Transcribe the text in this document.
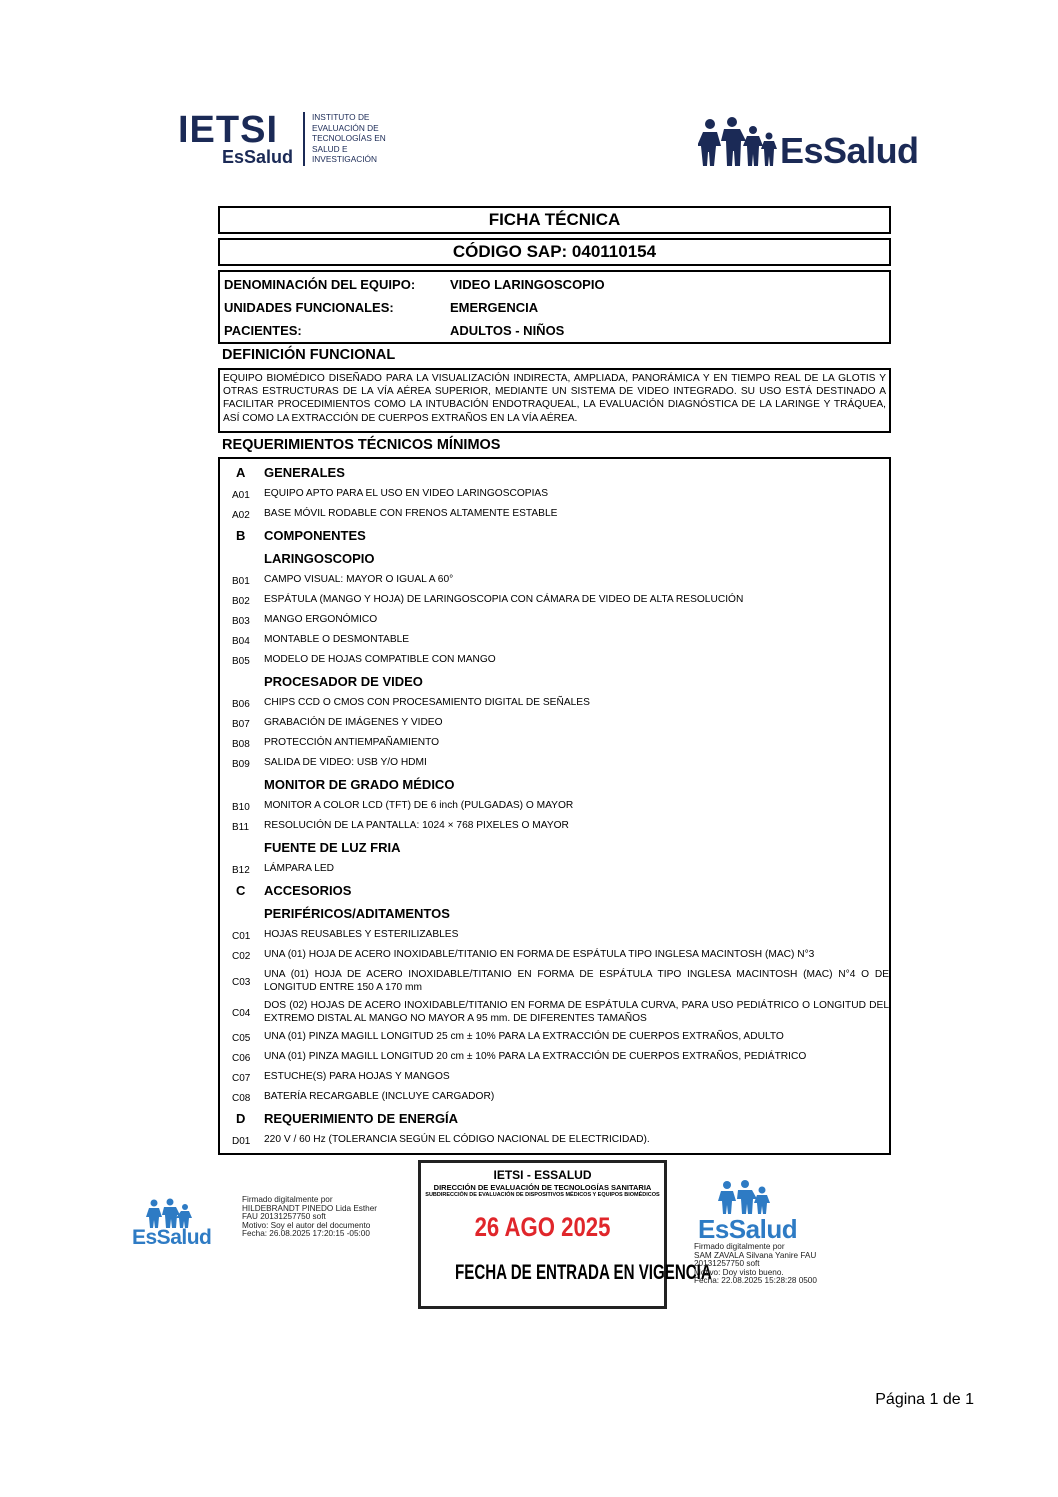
IETSI
EsSalud
INSTITUTO DE
EVALUACIÓN DE
TECNOLOGÍAS EN
SALUD E
INVESTIGACIÓN	EsSalud
FICHA TÉCNICA
CÓDIGO SAP: 040110154
DENOMINACIÓN DEL EQUIPO:	VIDEO LARINGOSCOPIO
UNIDADES FUNCIONALES:	EMERGENCIA
PACIENTES:	ADULTOS - NIÑOS
DEFINICIÓN FUNCIONAL
EQUIPO BIOMÉDICO DISEÑADO PARA LA VISUALIZACIÓN INDIRECTA, AMPLIADA, PANORÁMICA Y EN TIEMPO REAL DE LA GLOTIS Y OTRAS ESTRUCTURAS DE LA VÍA AÉREA SUPERIOR, MEDIANTE UN SISTEMA DE VIDEO INTEGRADO. SU USO ESTÁ DESTINADO A FACILITAR PROCEDIMIENTOS COMO LA INTUBACIÓN ENDOTRAQUEAL, LA EVALUACIÓN DIAGNÓSTICA DE LA LARINGE Y TRÁQUEA, ASÍ COMO LA EXTRACCIÓN DE CUERPOS EXTRAÑOS EN LA VÍA AÉREA.
REQUERIMIENTOS TÉCNICOS MÍNIMOS
A GENERALES
A01	EQUIPO APTO PARA EL USO EN VIDEO LARINGOSCOPIAS
A02	BASE MÓVIL RODABLE CON FRENOS ALTAMENTE ESTABLE
B COMPONENTES
LARINGOSCOPIO
B01	CAMPO VISUAL: MAYOR O IGUAL A 60°
B02	ESPÁTULA (MANGO Y HOJA) DE LARINGOSCOPIA CON CÁMARA DE VIDEO DE ALTA RESOLUCIÓN
B03	MANGO ERGONÓMICO
B04	MONTABLE O DESMONTABLE
B05	MODELO DE HOJAS COMPATIBLE CON MANGO
PROCESADOR DE VIDEO
B06	CHIPS CCD O CMOS CON PROCESAMIENTO DIGITAL DE SEÑALES
B07	GRABACIÓN DE IMÁGENES Y VIDEO
B08	PROTECCIÓN ANTIEMPAÑAMIENTO
B09	SALIDA DE VIDEO: USB Y/O HDMI
MONITOR DE GRADO MÉDICO
B10	MONITOR A COLOR LCD (TFT) DE 6 inch (PULGADAS) O MAYOR
B11	RESOLUCIÓN DE LA PANTALLA: 1024 × 768 PIXELES O MAYOR
FUENTE DE LUZ FRIA
B12	LÁMPARA LED
C ACCESORIOS
PERIFÉRICOS/ADITAMENTOS
C01	HOJAS REUSABLES Y ESTERILIZABLES
C02	UNA (01) HOJA DE ACERO INOXIDABLE/TITANIO EN FORMA DE ESPÁTULA TIPO INGLESA MACINTOSH (MAC) N°3
C03
UNA (01) HOJA DE ACERO INOXIDABLE/TITANIO EN FORMA DE ESPÁTULA TIPO INGLESA MACINTOSH (MAC) N°4 O DE LONGITUD ENTRE 150 A 170 mm
C04
DOS (02) HOJAS DE ACERO INOXIDABLE/TITANIO EN FORMA DE ESPÁTULA CURVA, PARA USO PEDIÁTRICO O LONGITUD DEL EXTREMO DISTAL AL MANGO NO MAYOR A 95 mm. DE DIFERENTES TAMAÑOS
C05	UNA (01) PINZA MAGILL LONGITUD 25 cm ± 10% PARA LA EXTRACCIÓN DE CUERPOS EXTRAÑOS, ADULTO
C06	UNA (01) PINZA MAGILL LONGITUD 20 cm ± 10% PARA LA EXTRACCIÓN DE CUERPOS EXTRAÑOS, PEDIÁTRICO
C07	ESTUCHE(S) PARA HOJAS Y MANGOS
C08	BATERÍA RECARGABLE (INCLUYE CARGADOR)
D REQUERIMIENTO DE ENERGÍA
D01	220 V / 60 Hz (TOLERANCIA SEGÚN EL CÓDIGO NACIONAL DE ELECTRICIDAD).
EsSalud
Firmado digitalmente por
HILDEBRANDT PINEDO Lida Esther
FAU 20131257750 soft
Motivo: Soy el autor del documento
Fecha: 26.08.2025 17:20:15 -05:00
IETSI - ESSALUD
DIRECCIÓN DE EVALUACIÓN DE TECNOLOGÍAS SANITARIA
SUBDIRECCIÓN DE EVALUACIÓN DE DISPOSITIVOS MÉDICOS Y EQUIPOS BIOMÉDICOS
26 AGO 2025
FECHA DE ENTRADA EN VIGENCIA
EsSalud
Firmado digitalmente por
SAM ZAVALA Silvana Yanire FAU
20131257750 soft
Motivo: Doy visto bueno.
Fecha: 22.08.2025 15:28:28 0500
Página 1 de 1
